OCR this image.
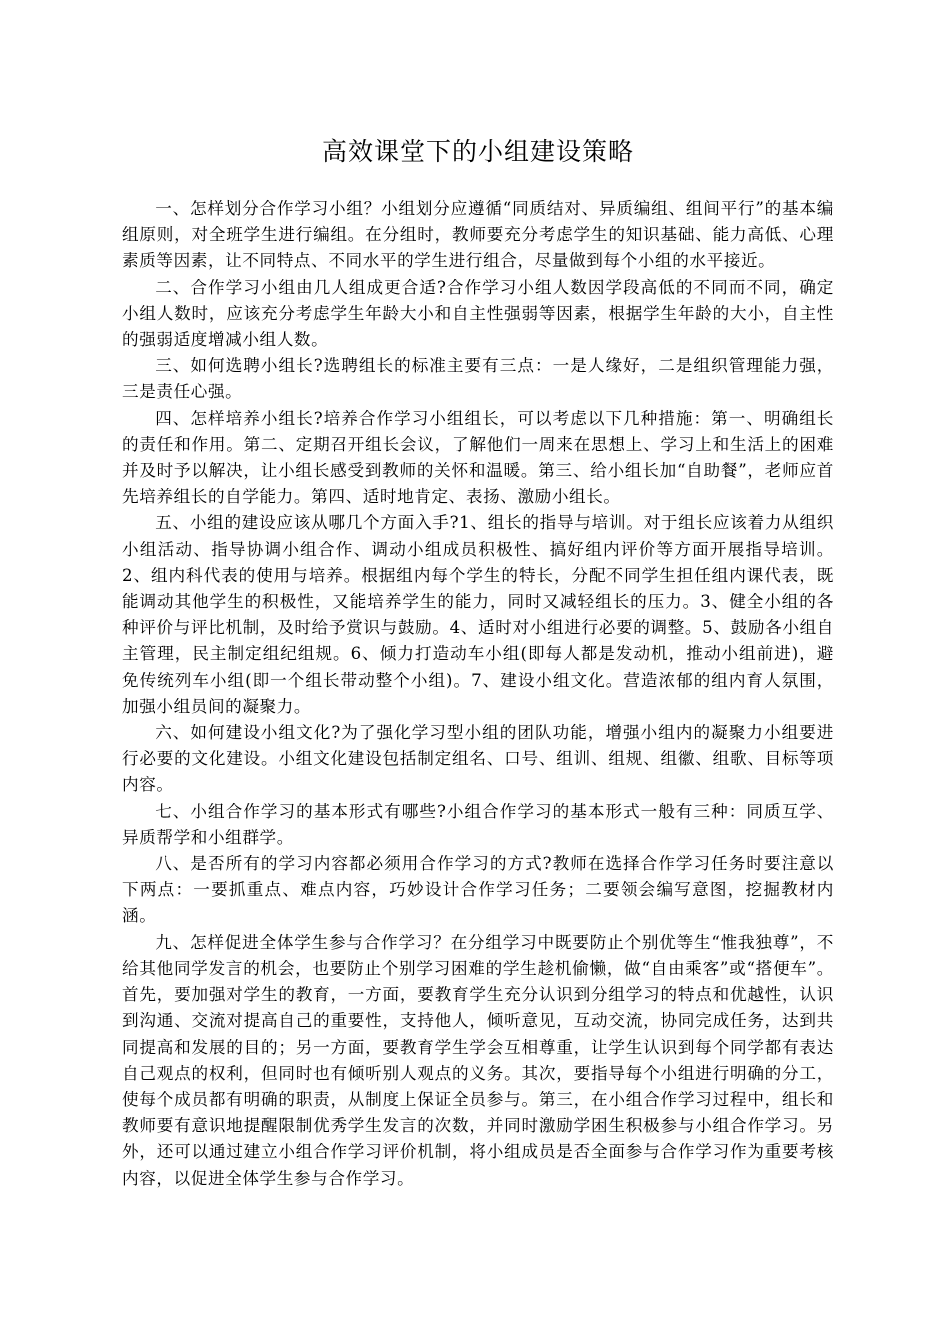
高效课堂下的小组建设策略

一、怎样划分合作学习小组？小组划分应遵循“同质结对、异质编组、组间平行”的基本编组原则，对全班学生进行编组。在分组时，教师要充分考虑学生的知识基础、能力高低、心理素质等因素，让不同特点、不同水平的学生进行组合，尽量做到每个小组的水平接近。

二、合作学习小组由几人组成更合适?合作学习小组人数因学段高低的不同而不同，确定小组人数时，应该充分考虑学生年龄大小和自主性强弱等因素，根据学生年龄的大小，自主性的强弱适度增减小组人数。

三、如何选聘小组长?选聘组长的标准主要有三点：一是人缘好，二是组织管理能力强，三是责任心强。

四、怎样培养小组长?培养合作学习小组组长，可以考虑以下几种措施：第一、明确组长的责任和作用。第二、定期召开组长会议，了解他们一周来在思想上、学习上和生活上的困难并及时予以解决，让小组长感受到教师的关怀和温暖。第三、给小组长加“自助餐”，老师应首先培养组长的自学能力。第四、适时地肯定、表扬、激励小组长。

五、小组的建设应该从哪几个方面入手?1、组长的指导与培训。对于组长应该着力从组织小组活动、指导协调小组合作、调动小组成员积极性、搞好组内评价等方面开展指导培训。2、组内科代表的使用与培养。根据组内每个学生的特长，分配不同学生担任组内课代表，既能调动其他学生的积极性，又能培养学生的能力，同时又减轻组长的压力。3、健全小组的各种评价与评比机制，及时给予赏识与鼓励。4、适时对小组进行必要的调整。5、鼓励各小组自主管理，民主制定组纪组规。6、倾力打造动车小组(即每人都是发动机，推动小组前进)，避免传统列车小组(即一个组长带动整个小组)。7、建设小组文化。营造浓郁的组内育人氛围，加强小组员间的凝聚力。

六、如何建设小组文化?为了强化学习型小组的团队功能，增强小组内的凝聚力小组要进行必要的文化建设。小组文化建设包括制定组名、口号、组训、组规、组徽、组歌、目标等项内容。

七、小组合作学习的基本形式有哪些?小组合作学习的基本形式一般有三种：同质互学、异质帮学和小组群学。

八、是否所有的学习内容都必须用合作学习的方式?教师在选择合作学习任务时要注意以下两点：一要抓重点、难点内容，巧妙设计合作学习任务；二要领会编写意图，挖掘教材内涵。

九、怎样促进全体学生参与合作学习？在分组学习中既要防止个别优等生“惟我独尊”，不给其他同学发言的机会，也要防止个别学习困难的学生趁机偷懒，做“自由乘客”或“搭便车”。首先，要加强对学生的教育，一方面，要教育学生充分认识到分组学习的特点和优越性，认识到沟通、交流对提高自己的重要性，支持他人，倾听意见，互动交流，协同完成任务，达到共同提高和发展的目的；另一方面，要教育学生学会互相尊重，让学生认识到每个同学都有表达自己观点的权利，但同时也有倾听别人观点的义务。其次，要指导每个小组进行明确的分工，使每个成员都有明确的职责，从制度上保证全员参与。第三，在小组合作学习过程中，组长和教师要有意识地提醒限制优秀学生发言的次数，并同时激励学困生积极参与小组合作学习。另外，还可以通过建立小组合作学习评价机制，将小组成员是否全面参与合作学习作为重要考核内容，以促进全体学生参与合作学习。
